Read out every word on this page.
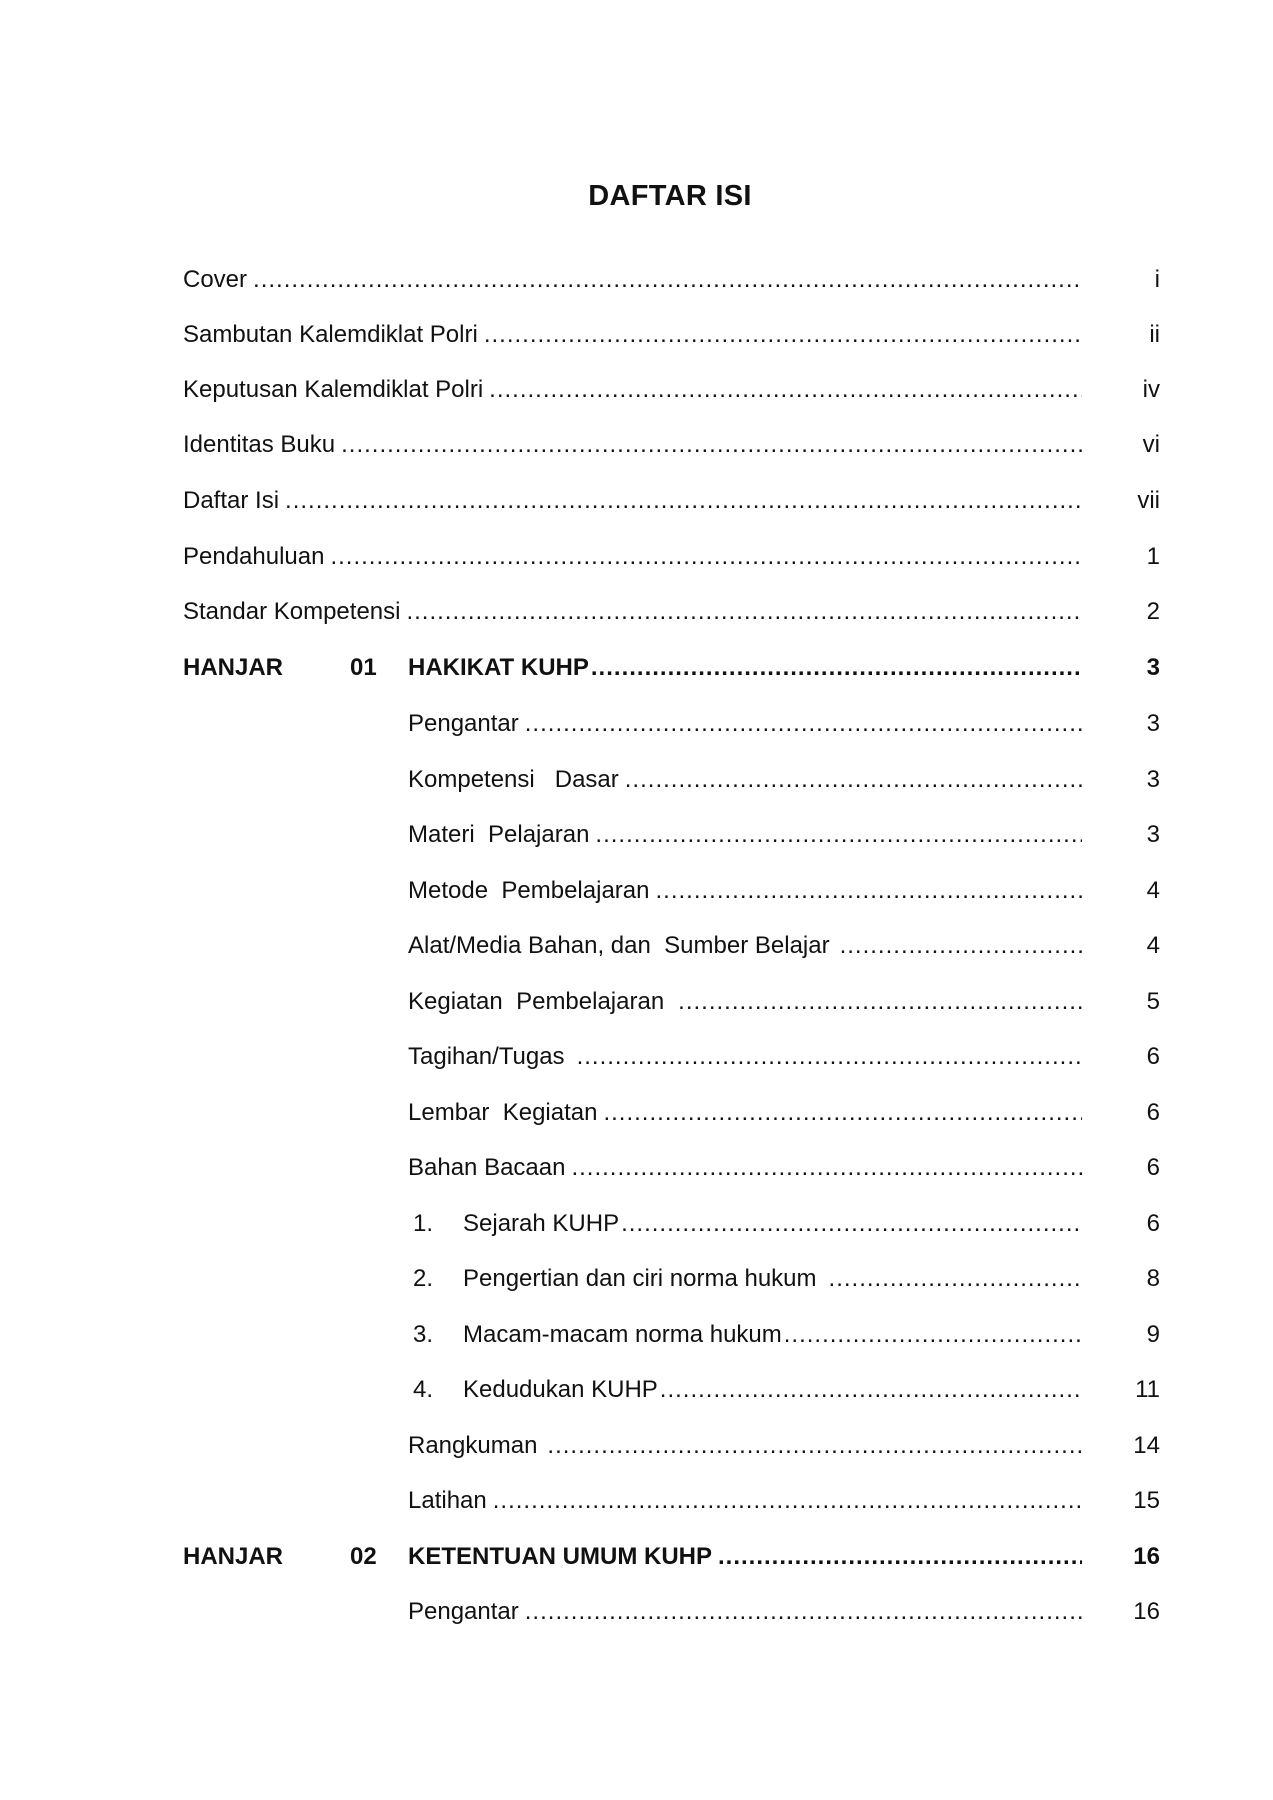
DAFTAR ISI
Cover .....	i
Sambutan Kalemdiklat Polri .....	ii
Keputusan Kalemdiklat Polri .....	iv
Identitas Buku .....	vi
Daftar Isi .....	vii
Pendahuluan .....	1
Standar Kompetensi .....	2
HANJAR	01 HAKIKAT KUHP .....	3
Pengantar .....	3
Kompetensi   Dasar .....	3
Materi  Pelajaran .....	3
Metode  Pembelajaran .....	4
Alat/Media Bahan, dan  Sumber Belajar .....	4
Kegiatan  Pembelajaran .....	5
Tagihan/Tugas .....	6
Lembar  Kegiatan .....	6
Bahan Bacaan .....	6
1.	Sejarah KUHP .....	6
2.	Pengertian dan ciri norma hukum .....	8
3.	Macam-macam norma hukum .....	9
4.	Kedudukan KUHP .....	11
Rangkuman .....	14
Latihan .....	15
HANJAR	02 KETENTUAN UMUM KUHP .....	16
Pengantar .....	16
